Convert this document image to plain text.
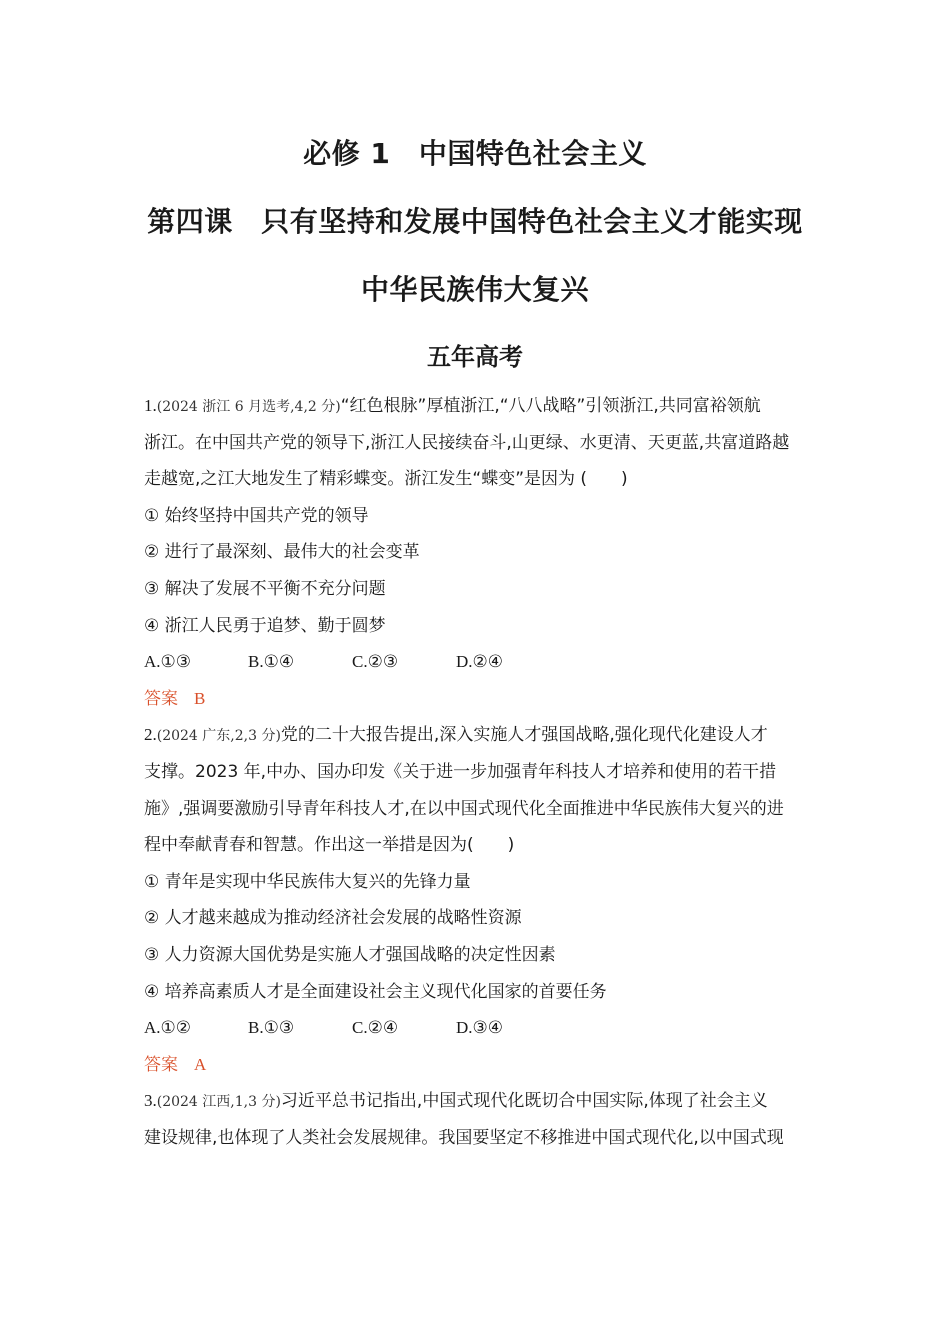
必修 1　中国特色社会主义
第四课　只有坚持和发展中国特色社会主义才能实现
中华民族伟大复兴
五年高考
1.(2024 浙江 6 月选考,4,2 分)“红色根脉”厚植浙江,“八八战略”引领浙江,共同富裕领航
浙江。在中国共产党的领导下,浙江人民接续奋斗,山更绿、水更清、天更蓝,共富道路越
走越宽,之江大地发生了精彩蝶变。浙江发生“蝶变”是因为 (　　)
① 始终坚持中国共产党的领导
② 进行了最深刻、最伟大的社会变革
③ 解决了发展不平衡不充分问题
④ 浙江人民勇于追梦、勤于圆梦
A.①③	B.①④	C.②③	D.②④
答案 B
2.(2024 广东,2,3 分)党的二十大报告提出,深入实施人才强国战略,强化现代化建设人才
支撑。2023 年,中办、国办印发《关于进一步加强青年科技人才培养和使用的若干措
施》,强调要激励引导青年科技人才,在以中国式现代化全面推进中华民族伟大复兴的进
程中奉献青春和智慧。作出这一举措是因为(　　)
① 青年是实现中华民族伟大复兴的先锋力量
② 人才越来越成为推动经济社会发展的战略性资源
③ 人力资源大国优势是实施人才强国战略的决定性因素
④ 培养高素质人才是全面建设社会主义现代化国家的首要任务
A.①②	B.①③	C.②④	D.③④
答案 A
3.(2024 江西,1,3 分)习近平总书记指出,中国式现代化既切合中国实际,体现了社会主义
建设规律,也体现了人类社会发展规律。我国要坚定不移推进中国式现代化,以中国式现
